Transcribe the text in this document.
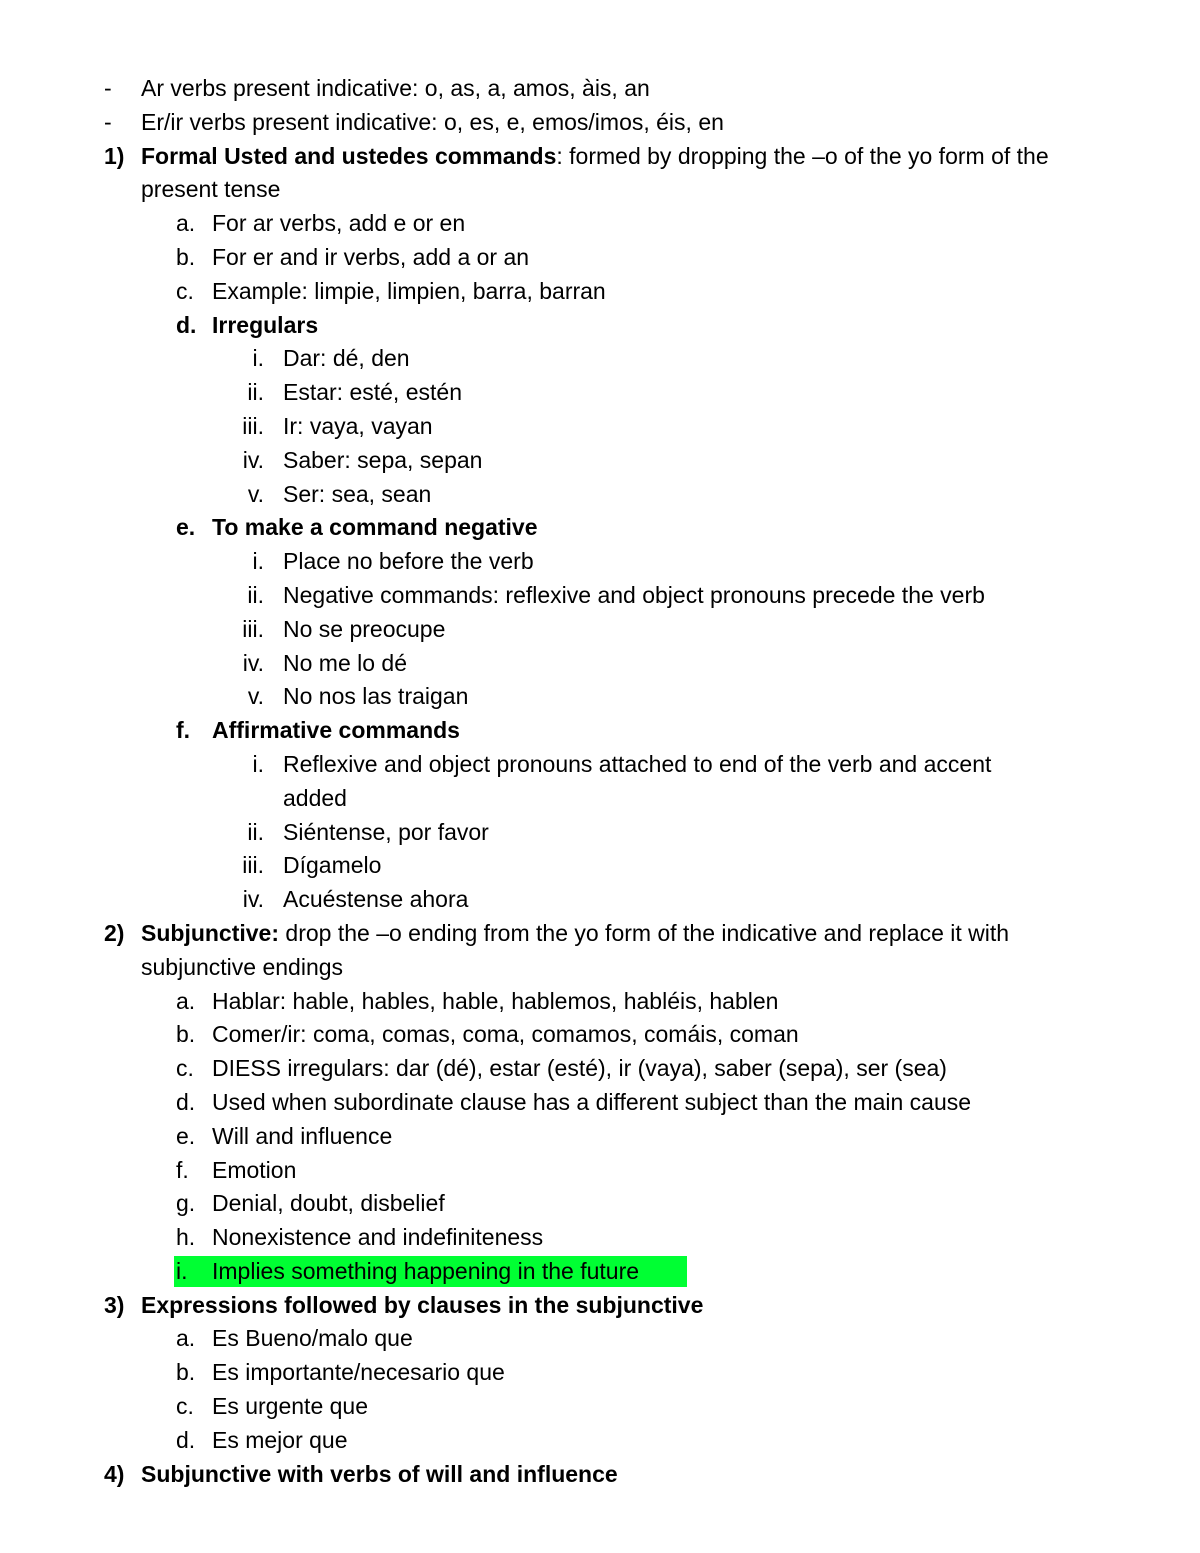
- Ar verbs present indicative: o, as, a, amos, àis, an
- Er/ir verbs present indicative: o, es, e, emos/imos, éis, en
1) Formal Usted and ustedes commands: formed by dropping the –o of the yo form of the
present tense
a. For ar verbs, add e or en
b. For er and ir verbs, add a or an
c. Example: limpie, limpien, barra, barran
d. Irregulars
i. Dar: dé, den
ii. Estar: esté, estén
iii. Ir: vaya, vayan
iv. Saber: sepa, sepan
v. Ser: sea, sean
e. To make a command negative
i. Place no before the verb
ii. Negative commands: reflexive and object pronouns precede the verb
iii. No se preocupe
iv. No me lo dé
v. No nos las traigan
f. Affirmative commands
i. Reflexive and object pronouns attached to end of the verb and accent
added
ii. Siéntense, por favor
iii. Dígamelo
iv. Acuéstense ahora
2) Subjunctive: drop the –o ending from the yo form of the indicative and replace it with
subjunctive endings
a. Hablar: hable, hables, hable, hablemos, habléis, hablen
b. Comer/ir: coma, comas, coma, comamos, comáis, coman
c. DIESS irregulars: dar (dé), estar (esté), ir (vaya), saber (sepa), ser (sea)
d. Used when subordinate clause has a different subject than the main cause
e. Will and influence
f. Emotion
g. Denial, doubt, disbelief
h. Nonexistence and indefiniteness
i. Implies something happening in the future
3) Expressions followed by clauses in the subjunctive
a. Es Bueno/malo que
b. Es importante/necesario que
c. Es urgente que
d. Es mejor que
4) Subjunctive with verbs of will and influence
